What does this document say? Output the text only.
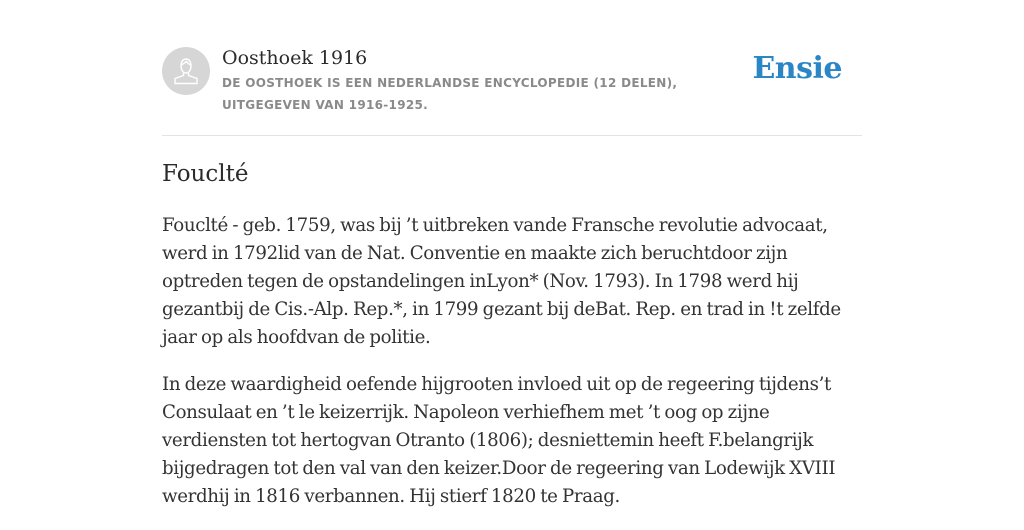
Oosthoek 1916
DE OOSTHOEK IS EEN NEDERLANDSE ENCYCLOPEDIE (12 DELEN), UITGEGEVEN VAN 1916-1925.
Ensie
Fouclté

Fouclté - geb. 1759, was bij ’t uitbreken vande Fransche revolutie advocaat, werd in 1792lid van de Nat. Conventie en maakte zich beruchtdoor zijn optreden tegen de opstandelingen inLyon* (Nov. 1793). In 1798 werd hij gezantbij de Cis.-Alp. Rep.*, in 1799 gezant bij deBat. Rep. en trad in !t zelfde jaar op als hoofdvan de politie.

In deze waardigheid oefende hijgrooten invloed uit op de regeering tijdens’t Consulaat en ’t le keizerrijk. Napoleon verhiefhem met ’t oog op zijne verdiensten tot hertogvan Otranto (1806); desniettemin heeft F.belangrijk bijgedragen tot den val van den keizer.Door de regeering van Lodewijk XVIII werdhij in 1816 verbannen. Hij stierf 1820 te Praag.
